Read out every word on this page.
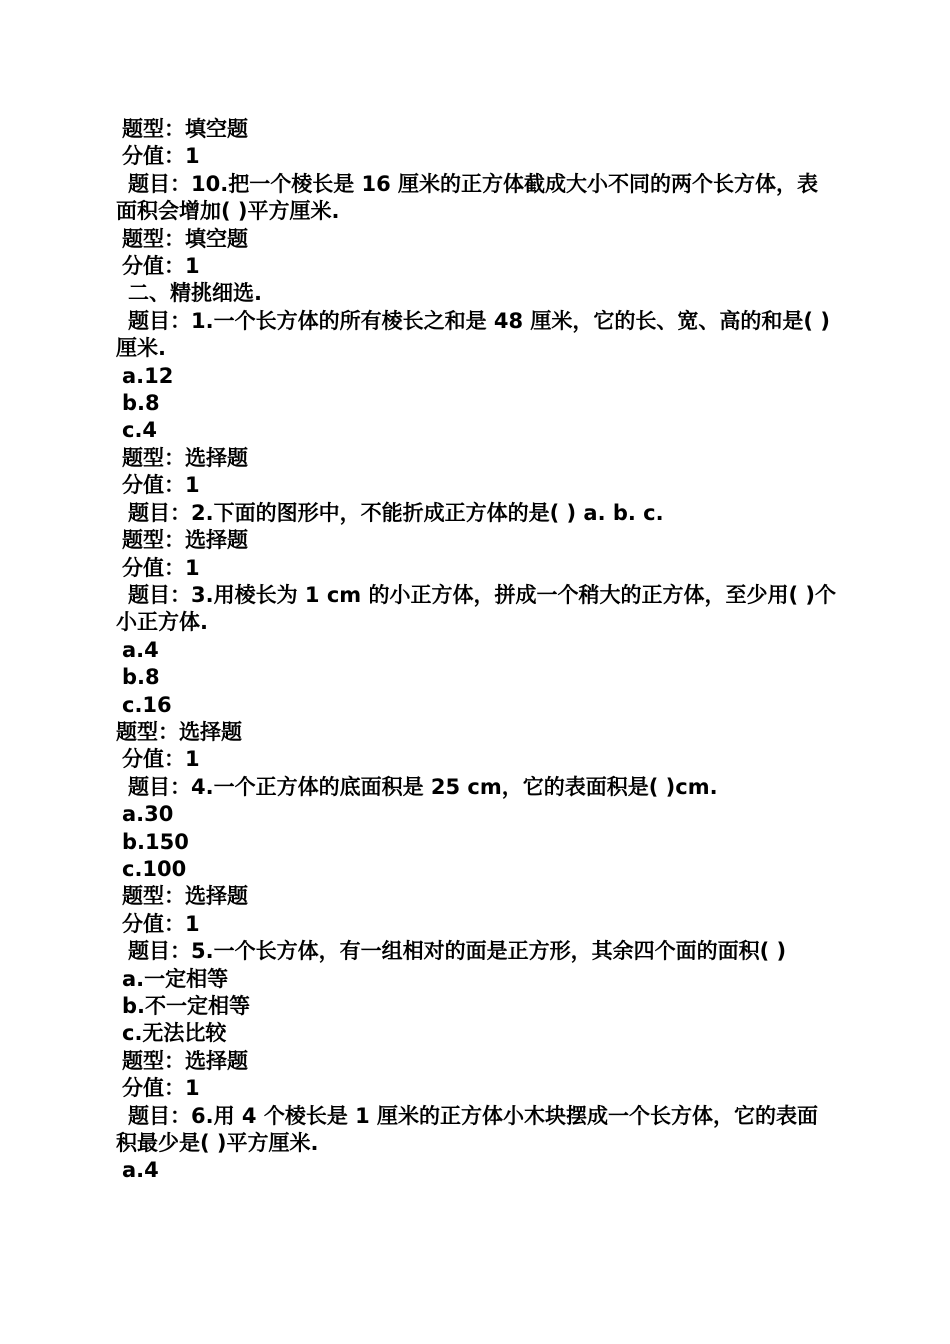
题型：填空题
分值：1
题目：10.把一个棱长是 16 厘米的正方体截成大小不同的两个长方体，表面积会增加( )平方厘米.
题型：填空题
分值：1
二、精挑细选.
题目：1.一个长方体的所有棱长之和是 48 厘米，它的长、宽、高的和是( )厘米.
a.12
b.8
c.4
题型：选择题
分值：1
题目：2.下面的图形中，不能折成正方体的是( ) a. b. c.
题型：选择题
分值：1
题目：3.用棱长为 1 cm 的小正方体，拼成一个稍大的正方体，至少用( )个小正方体.
a.4
b.8
c.16
题型：选择题
分值：1
题目：4.一个正方体的底面积是 25 cm，它的表面积是( )cm.
a.30
b.150
c.100
题型：选择题
分值：1
题目：5.一个长方体，有一组相对的面是正方形，其余四个面的面积( )
a.一定相等
b.不一定相等
c.无法比较
题型：选择题
分值：1
题目：6.用 4 个棱长是 1 厘米的正方体小木块摆成一个长方体，它的表面积最少是( )平方厘米.
a.4
